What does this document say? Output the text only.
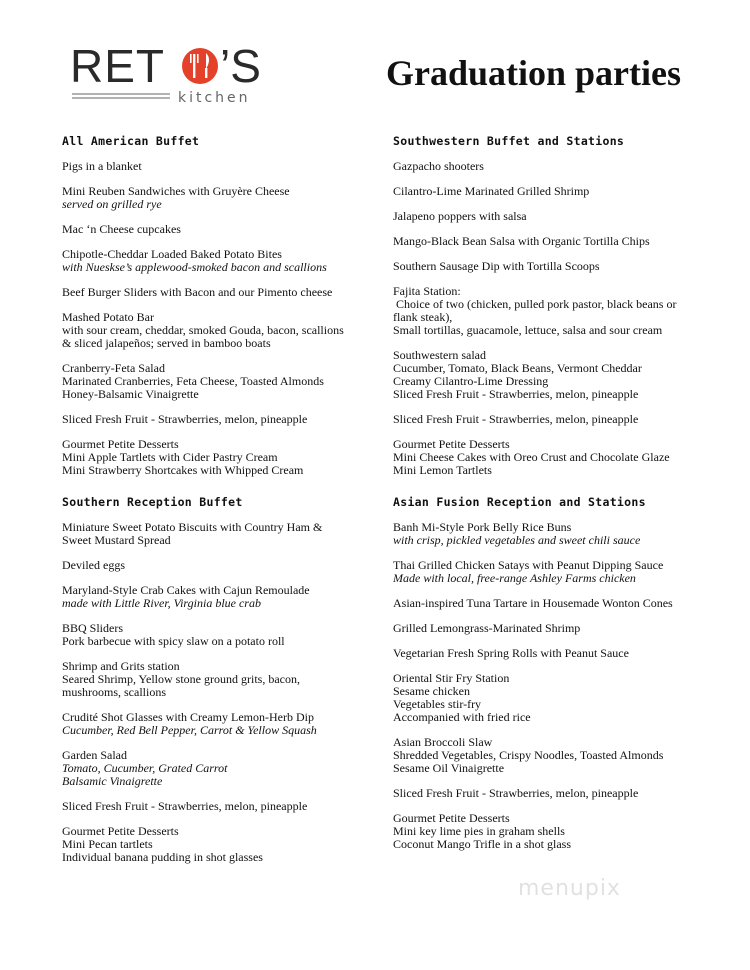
RET ’S
kitchen
Graduation parties
All American Buffet
Pigs in a blanket
Mini Reuben Sandwiches with Gruyère Cheese
served on grilled rye
Mac ‘n Cheese cupcakes
Chipotle-Cheddar Loaded Baked Potato Bites
with Nueskse’s applewood-smoked bacon and scallions
Beef Burger Sliders with Bacon and our Pimento cheese
Mashed Potato Bar
with sour cream, cheddar, smoked Gouda, bacon, scallions
& sliced jalapeños; served in bamboo boats
Cranberry-Feta Salad
Marinated Cranberries, Feta Cheese, Toasted Almonds
Honey-Balsamic Vinaigrette
Sliced Fresh Fruit - Strawberries, melon, pineapple
Gourmet Petite Desserts
Mini Apple Tartlets with Cider Pastry Cream
Mini Strawberry Shortcakes with Whipped Cream
Southern Reception Buffet
Miniature Sweet Potato Biscuits with Country Ham &
Sweet Mustard Spread
Deviled eggs
Maryland-Style Crab Cakes with Cajun Remoulade
made with Little River, Virginia blue crab
BBQ Sliders
Pork barbecue with spicy slaw on a potato roll
Shrimp and Grits station
Seared Shrimp, Yellow stone ground grits, bacon,
mushrooms, scallions
Crudité Shot Glasses with Creamy Lemon-Herb Dip
Cucumber, Red Bell Pepper, Carrot & Yellow Squash
Garden Salad
Tomato, Cucumber, Grated Carrot
Balsamic Vinaigrette
Sliced Fresh Fruit - Strawberries, melon, pineapple
Gourmet Petite Desserts
Mini Pecan tartlets
Individual banana pudding in shot glasses
Southwestern Buffet and Stations
Gazpacho shooters
Cilantro-Lime Marinated Grilled Shrimp
Jalapeno poppers with salsa
Mango-Black Bean Salsa with Organic Tortilla Chips
Southern Sausage Dip with Tortilla Scoops
Fajita Station:
Choice of two (chicken, pulled pork pastor, black beans or
flank steak),
Small tortillas, guacamole, lettuce, salsa and sour cream
Southwestern salad
Cucumber, Tomato, Black Beans, Vermont Cheddar
Creamy Cilantro-Lime Dressing
Sliced Fresh Fruit - Strawberries, melon, pineapple
Sliced Fresh Fruit - Strawberries, melon, pineapple
Gourmet Petite Desserts
Mini Cheese Cakes with Oreo Crust and Chocolate Glaze
Mini Lemon Tartlets
Asian Fusion Reception and Stations
Banh Mi-Style Pork Belly Rice Buns
with crisp, pickled vegetables and sweet chili sauce
Thai Grilled Chicken Satays with Peanut Dipping Sauce
Made with local, free-range Ashley Farms chicken
Asian-inspired Tuna Tartare in Housemade Wonton Cones
Grilled Lemongrass-Marinated Shrimp
Vegetarian Fresh Spring Rolls with Peanut Sauce
Oriental Stir Fry Station
Sesame chicken
Vegetables stir-fry
Accompanied with fried rice
Asian Broccoli Slaw
Shredded Vegetables, Crispy Noodles, Toasted Almonds
Sesame Oil Vinaigrette
Sliced Fresh Fruit - Strawberries, melon, pineapple
Gourmet Petite Desserts
Mini key lime pies in graham shells
Coconut Mango Trifle in a shot glass
menupix
